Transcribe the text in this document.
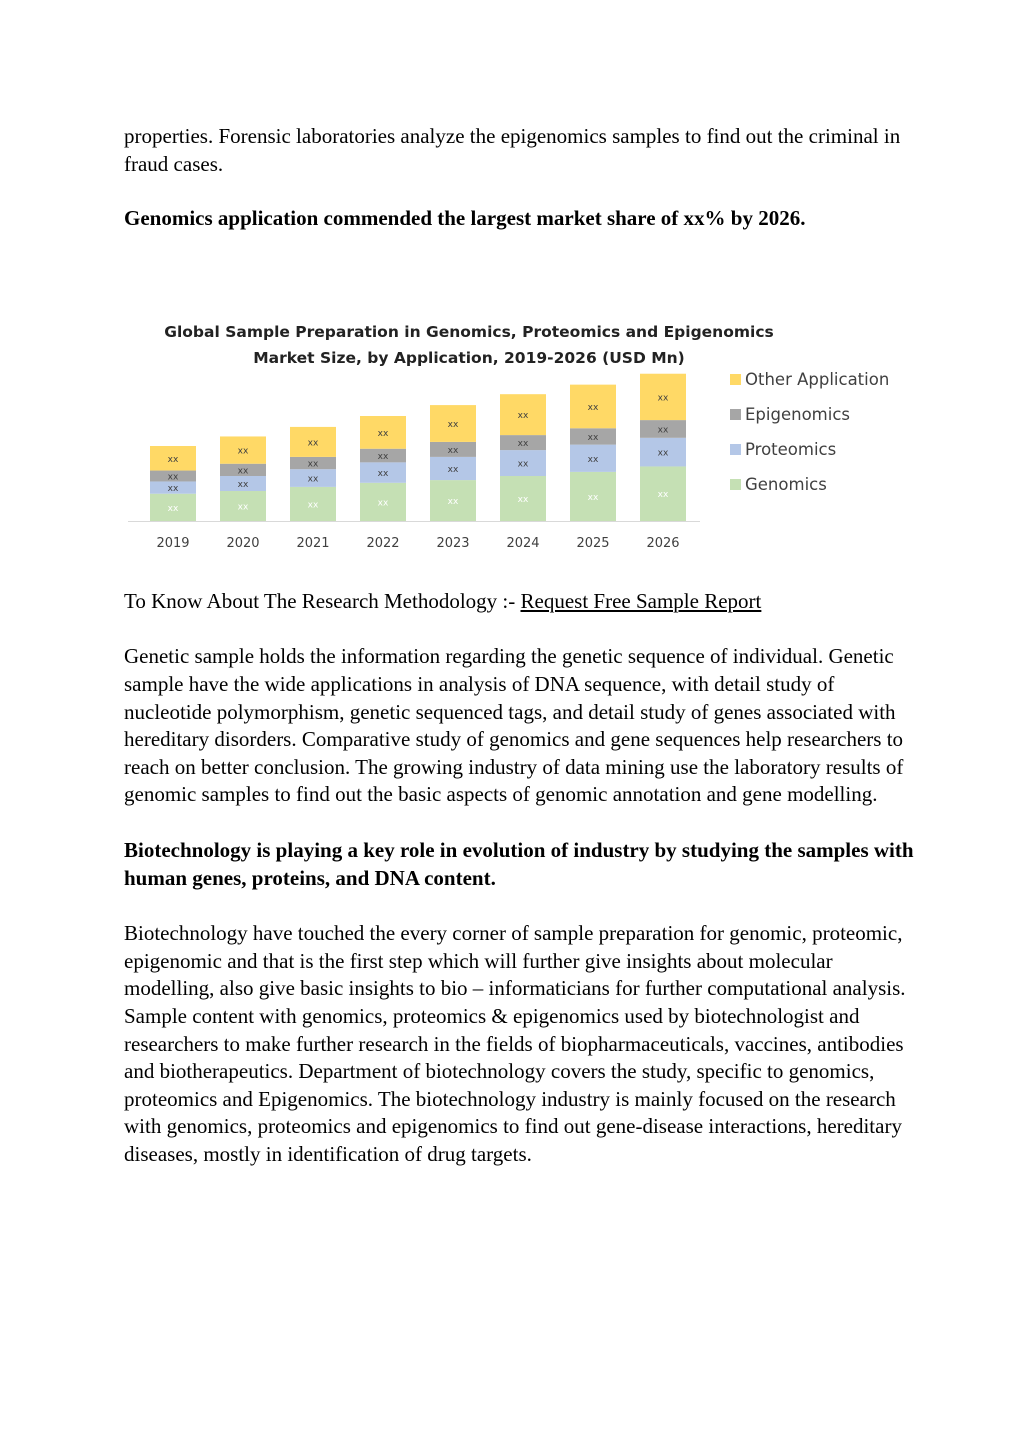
properties. Forensic laboratories analyze the epigenomics samples to find out the criminal in fraud cases.

Genomics application commended the largest market share of xx% by 2026.

Global Sample Preparation in Genomics, Proteomics and Epigenomics
Market Size, by Application, 2019-2026 (USD Mn)
xx
xx
xx
xx
2019
xx
xx
xx
xx
2020
xx
xx
xx
xx
2021
xx
xx
xx
xx
2022
xx
xx
xx
xx
2023
xx
xx
xx
xx
2024
xx
xx
xx
xx
2025
xx
xx
xx
xx
2026
Other Application
Epigenomics
Proteomics
Genomics

To Know About The Research Methodology :- Request Free Sample Report

Genetic sample holds the information regarding the genetic sequence of individual. Genetic sample have the wide applications in analysis of DNA sequence, with detail study of nucleotide polymorphism, genetic sequenced tags, and detail study of genes associated with hereditary disorders. Comparative study of genomics and gene sequences help researchers to reach on better conclusion. The growing industry of data mining use the laboratory results of genomic samples to find out the basic aspects of genomic annotation and gene modelling.

Biotechnology is playing a key role in evolution of industry by studying the samples with human genes, proteins, and DNA content.

Biotechnology have touched the every corner of sample preparation for genomic, proteomic, epigenomic and that is the first step which will further give insights about molecular modelling, also give basic insights to bio – informaticians for further computational analysis. Sample content with genomics, proteomics & epigenomics used by biotechnologist and researchers to make further research in the fields of biopharmaceuticals, vaccines, antibodies and biotherapeutics. Department of biotechnology covers the study, specific to genomics, proteomics and Epigenomics. The biotechnology industry is mainly focused on the research with genomics, proteomics and epigenomics to find out gene-disease interactions, hereditary diseases, mostly in identification of drug targets.
